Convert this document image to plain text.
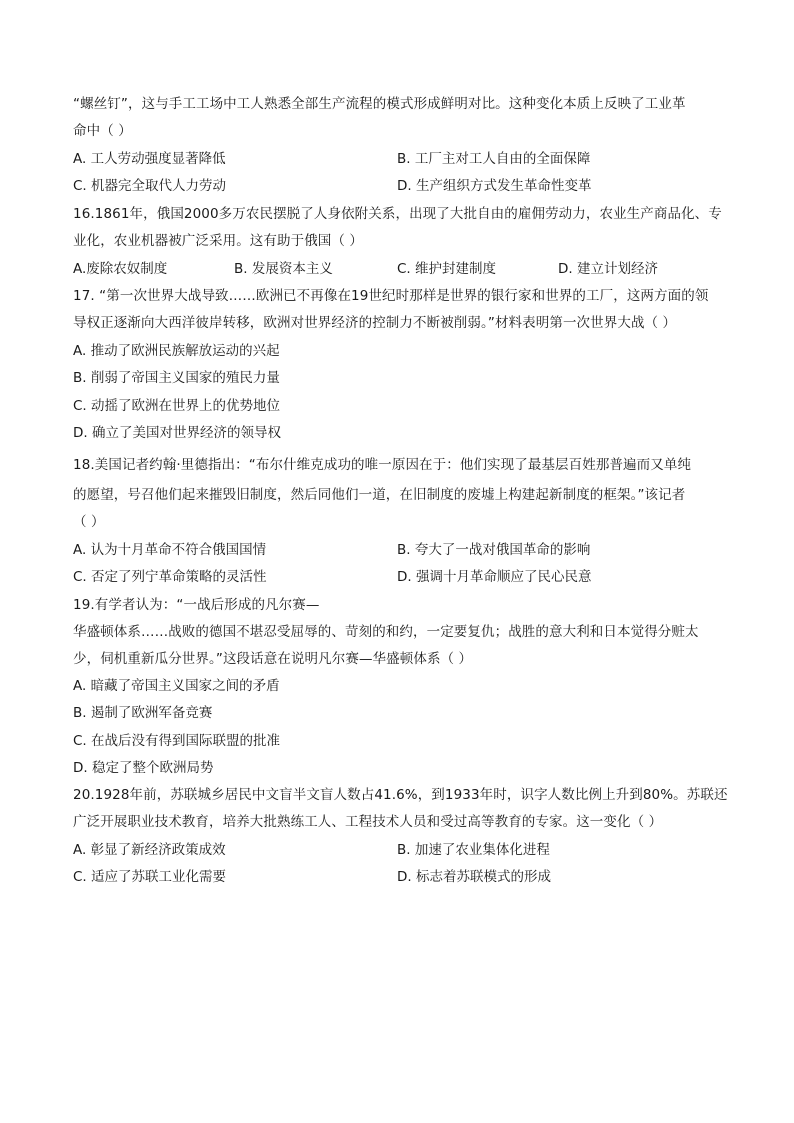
“螺丝钉”，这与手工工场中工人熟悉全部生产流程的模式形成鲜明对比。这种变化本质上反映了工业革
命中（ ）
A. 工人劳动强度显著降低	B. 工厂主对工人自由的全面保障
C. 机器完全取代人力劳动	D. 生产组织方式发生革命性变革
16.1861年，俄国2000多万农民摆脱了人身依附关系，出现了大批自由的雇佣劳动力，农业生产商品化、专
业化，农业机器被广泛采用。这有助于俄国（ ）
A.废除农奴制度	B. 发展资本主义	C. 维护封建制度	D. 建立计划经济
17. “第一次世界大战导致……欧洲已不再像在19世纪时那样是世界的银行家和世界的工厂，这两方面的领
导权正逐渐向大西洋彼岸转移，欧洲对世界经济的控制力不断被削弱。”材料表明第一次世界大战（ ）
A. 推动了欧洲民族解放运动的兴起
B. 削弱了帝国主义国家的殖民力量
C. 动摇了欧洲在世界上的优势地位
D. 确立了美国对世界经济的领导权
18.美国记者约翰·里德指出：“布尔什维克成功的唯一原因在于：他们实现了最基层百姓那普遍而又单纯
的愿望，号召他们起来摧毁旧制度，然后同他们一道，在旧制度的废墟上构建起新制度的框架。”该记者
（ ）
A. 认为十月革命不符合俄国国情	B. 夸大了一战对俄国革命的影响
C. 否定了列宁革命策略的灵活性	D. 强调十月革命顺应了民心民意
19.有学者认为：“一战后形成的凡尔赛—
华盛顿体系……战败的德国不堪忍受屈辱的、苛刻的和约，一定要复仇；战胜的意大利和日本觉得分赃太
少，伺机重新瓜分世界。”这段话意在说明凡尔赛—华盛顿体系（ ）
A. 暗藏了帝国主义国家之间的矛盾
B. 遏制了欧洲军备竞赛
C. 在战后没有得到国际联盟的批准
D. 稳定了整个欧洲局势
20.1928年前，苏联城乡居民中文盲半文盲人数占41.6%，到1933年时，识字人数比例上升到80%。苏联还
广泛开展职业技术教育，培养大批熟练工人、工程技术人员和受过高等教育的专家。这一变化（ ）
A. 彰显了新经济政策成效	B. 加速了农业集体化进程
C. 适应了苏联工业化需要	D. 标志着苏联模式的形成
